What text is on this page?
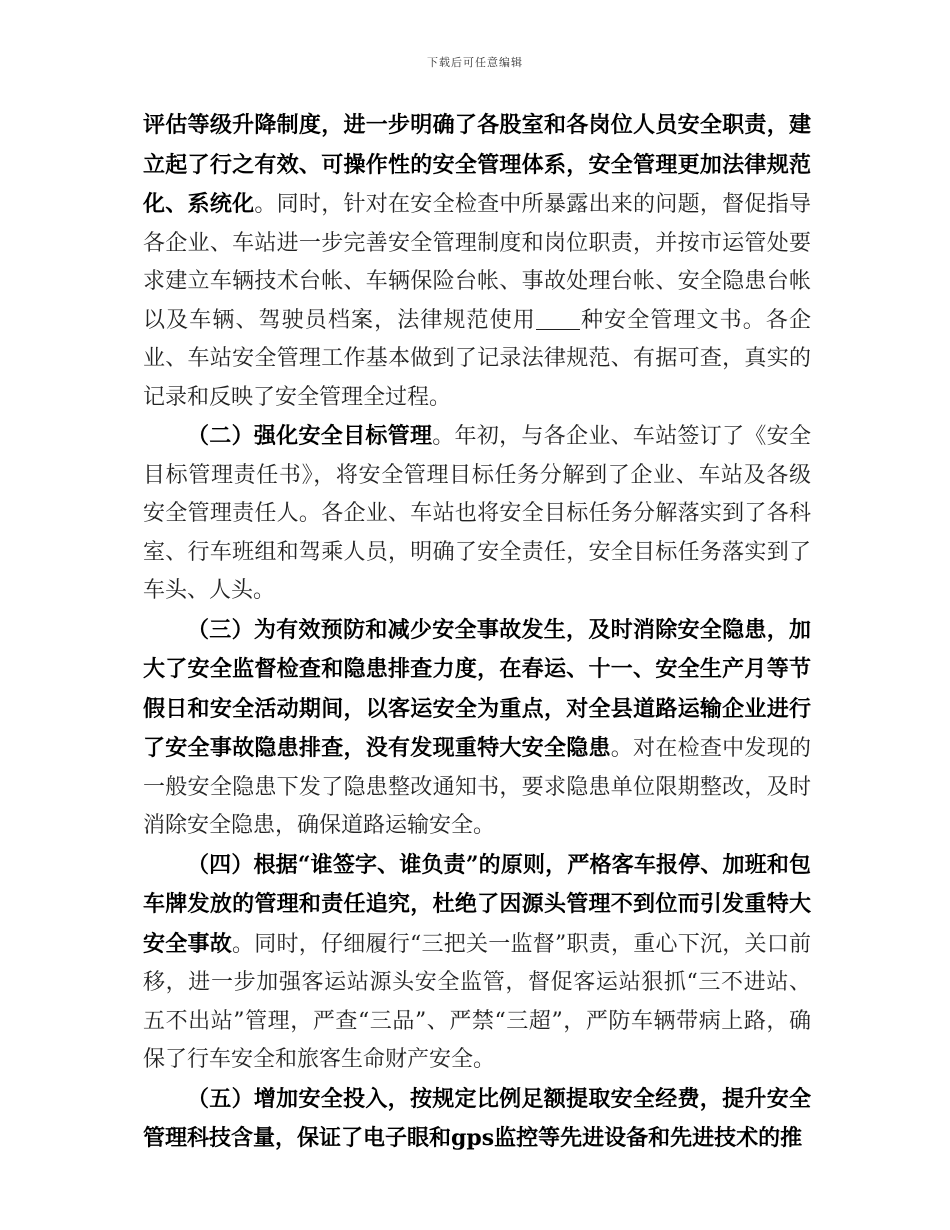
下载后可任意编辑

评估等级升降制度，进一步明确了各股室和各岗位人员安全职责，建立起了行之有效、可操作性的安全管理体系，安全管理更加法律规范化、系统化。同时，针对在安全检查中所暴露出来的问题，督促指导各企业、车站进一步完善安全管理制度和岗位职责，并按市运管处要求建立车辆技术台帐、车辆保险台帐、事故处理台帐、安全隐患台帐以及车辆、驾驶员档案，法律规范使用 种安全管理文书。各企业、车站安全管理工作基本做到了记录法律规范、有据可查，真实的记录和反映了安全管理全过程。

（二）强化安全目标管理。年初，与各企业、车站签订了《安全目标管理责任书》，将安全管理目标任务分解到了企业、车站及各级安全管理责任人。各企业、车站也将安全目标任务分解落实到了各科室、行车班组和驾乘人员，明确了安全责任，安全目标任务落实到了车头、人头。

（三）为有效预防和减少安全事故发生，及时消除安全隐患，加大了安全监督检查和隐患排查力度，在春运、十一、安全生产月等节假日和安全活动期间，以客运安全为重点，对全县道路运输企业进行了安全事故隐患排查，没有发现重特大安全隐患。对在检查中发现的一般安全隐患下发了隐患整改通知书，要求隐患单位限期整改，及时消除安全隐患，确保道路运输安全。

（四）根据“谁签字、谁负责”的原则，严格客车报停、加班和包车牌发放的管理和责任追究，杜绝了因源头管理不到位而引发重特大安全事故。同时，仔细履行“三把关一监督”职责，重心下沉，关口前移，进一步加强客运站源头安全监管，督促客运站狠抓“三不进站、五不出站”管理，严查“三品”、严禁“三超”，严防车辆带病上路，确保了行车安全和旅客生命财产安全。

（五）增加安全投入，按规定比例足额提取安全经费，提升安全管理科技含量，保证了电子眼和gps监控等先进设备和先进技术的推
